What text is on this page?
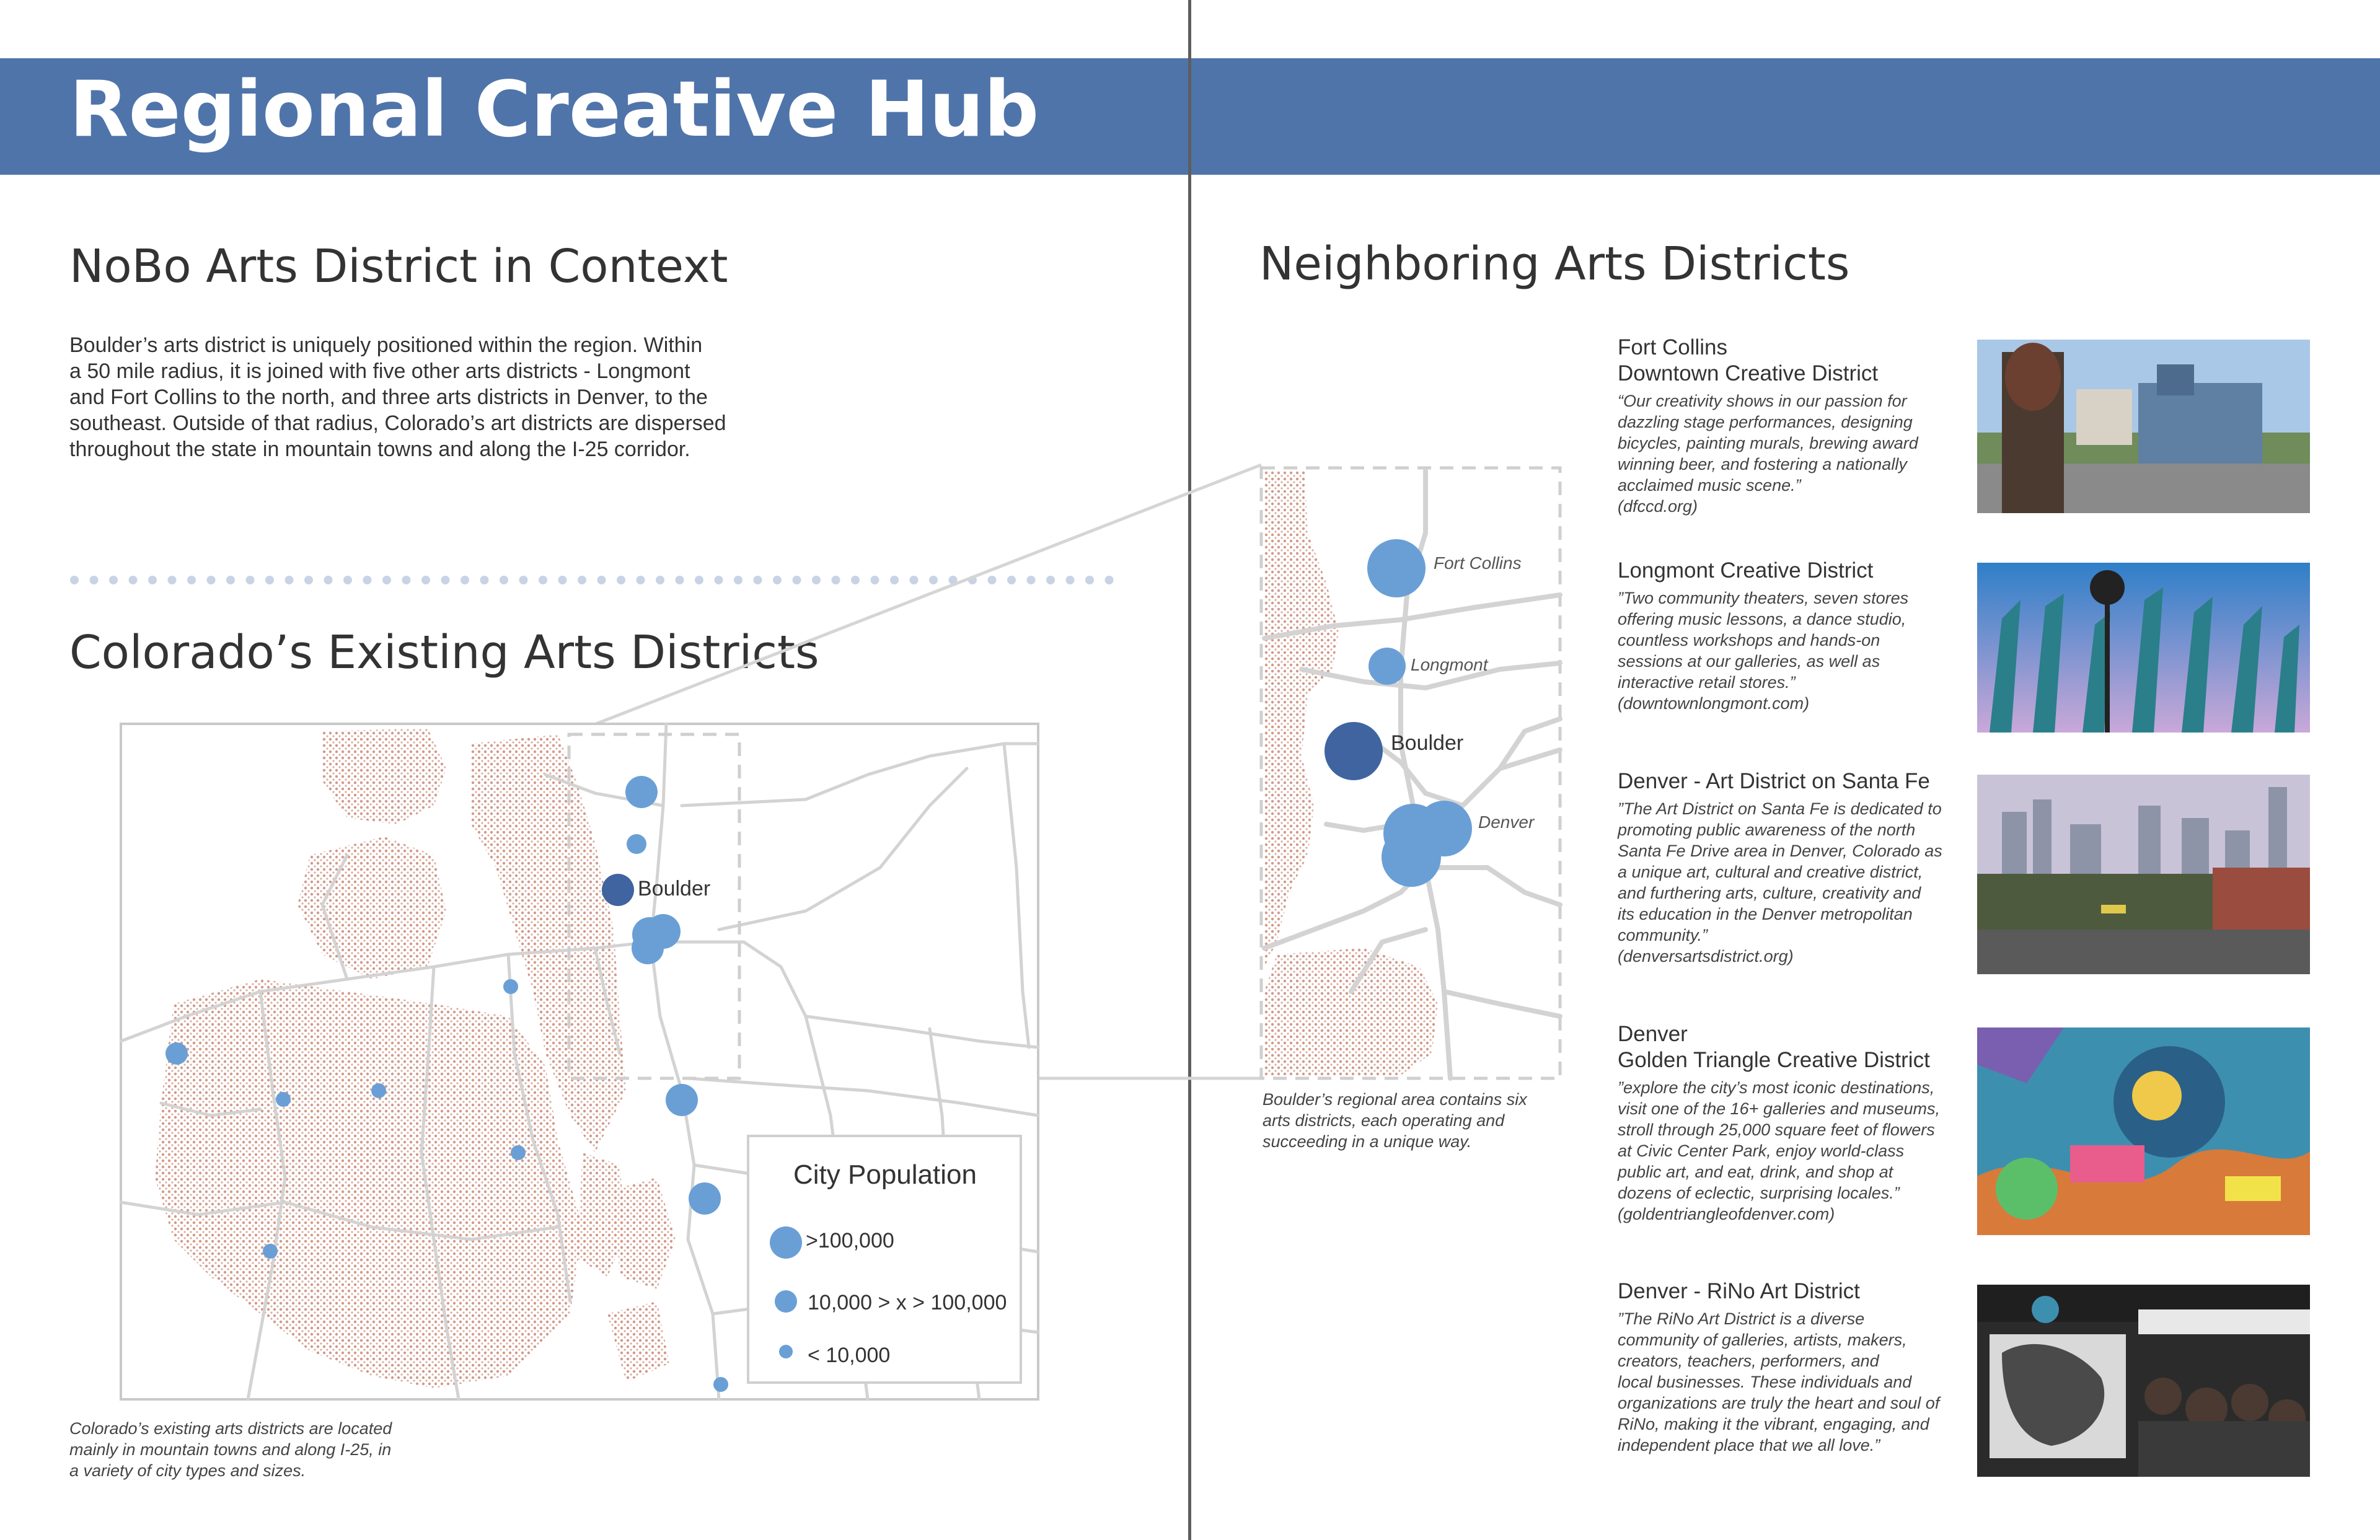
Regional Creative Hub
NoBo Arts District in Context

Boulder’s arts district is uniquely positioned within the region. Within

a 50 mile radius, it is joined with five other arts districts - Longmont

and Fort Collins to the north, and three arts districts in Denver, to the

southeast. Outside of that radius, Colorado’s art districts are dispersed

throughout the state in mountain towns and along the I-25 corridor.

Colorado’s Existing Arts Districts
Boulder
City Population
>100,000
10,000 > x > 100,000
< 10,000
Fort Collins
Longmont
Boulder
Denver
Colorado’s existing arts districts are located
mainly in mountain towns and along I-25, in
a variety of city types and sizes.
Neighboring Arts Districts
Boulder’s regional area contains six
arts districts, each operating and
succeeding in a unique way.
Fort Collins
Downtown Creative District
“Our creativity shows in our passion for
dazzling stage performances, designing
bicycles, painting murals, brewing award
winning beer, and fostering a nationally
acclaimed music scene.”
(dfccd.org)
Longmont Creative District
”Two community theaters, seven stores
offering music lessons, a dance studio,
countless workshops and hands-on
sessions at our galleries, as well as
interactive retail stores.”
(downtownlongmont.com)
Denver - Art District on Santa Fe
”The Art District on Santa Fe is dedicated to
promoting public awareness of the north
Santa Fe Drive area in Denver, Colorado as
a unique art, cultural and creative district,
and furthering arts, culture, creativity and
its education in the Denver metropolitan
community.”
(denversartsdistrict.org)
Denver
Golden Triangle Creative District
”explore the city’s most iconic destinations,
visit one of the 16+ galleries and museums,
stroll through 25,000 square feet of flowers
at Civic Center Park, enjoy world-class
public art, and eat, drink, and shop at
dozens of eclectic, surprising locales.”
(goldentriangleofdenver.com)
Denver - RiNo Art District
”The RiNo Art District is a diverse
community of galleries, artists, makers,
creators, teachers, performers, and
local businesses. These individuals and
organizations are truly the heart and soul of
RiNo, making it the vibrant, engaging, and
independent place that we all love.”
